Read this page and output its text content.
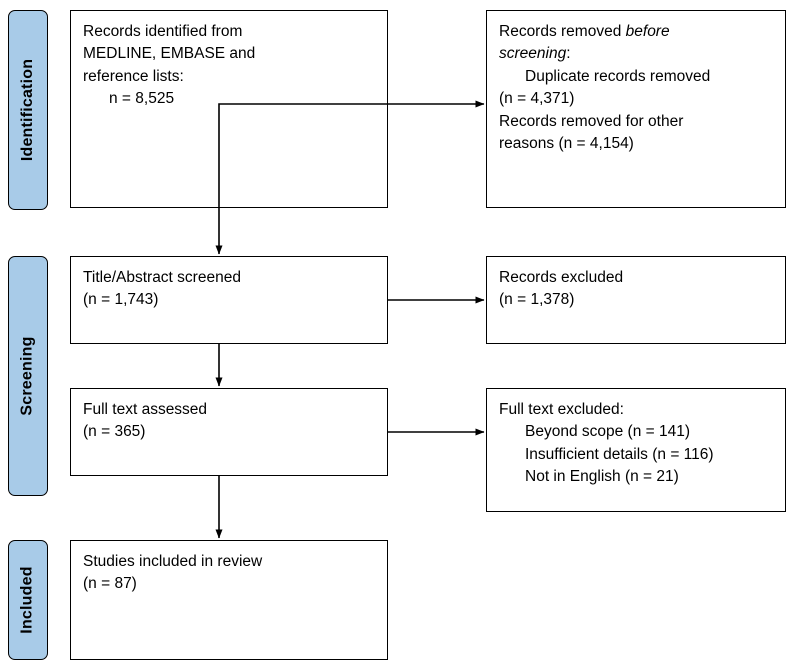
Identification
Screening
Included
Records identified from
MEDLINE, EMBASE and
reference lists:
n = 8,525
Records removed before
screening:
Duplicate records removed
(n = 4,371)
Records removed for other
reasons (n = 4,154)
Title/Abstract screened
(n = 1,743)
Records excluded
(n = 1,378)
Full text assessed
(n = 365)
Full text excluded:
Beyond scope (n = 141)
Insufficient details (n = 116)
Not in English (n = 21)
Studies included in review
(n = 87)
